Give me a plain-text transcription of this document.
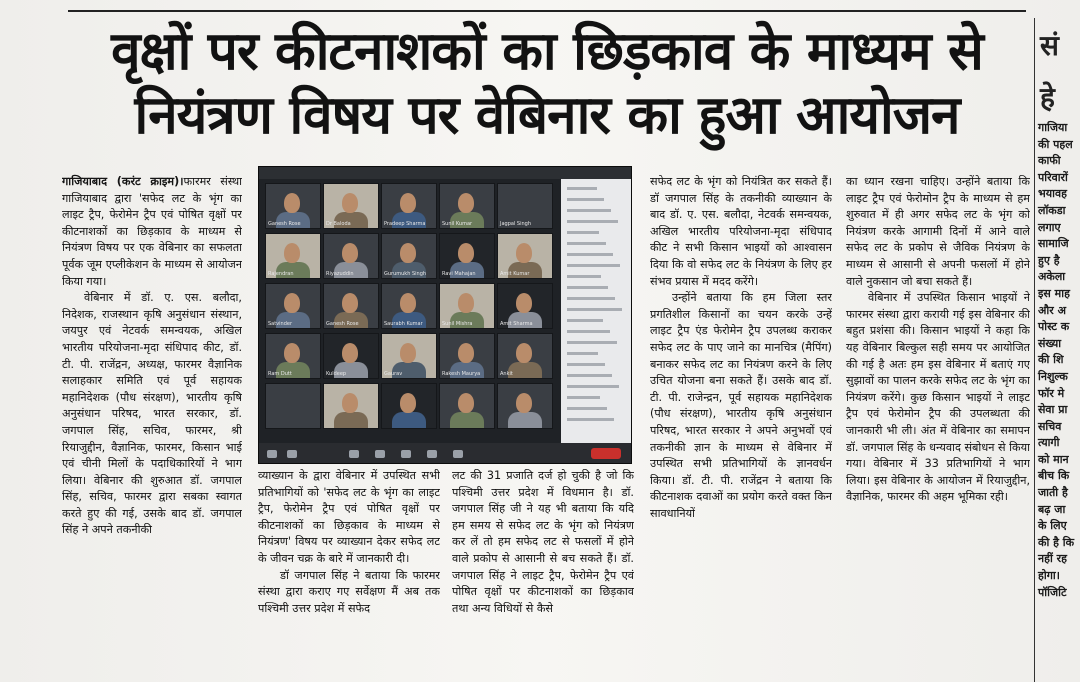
वृक्षों पर कीटनाशकों का छिड़काव के माध्यम से
नियंत्रण विषय पर वेबिनार का हुआ आयोजन

गाजियाबाद (करंट क्राइम)।फारमर संस्था गाजियाबाद द्वारा 'सफेद लट के भृंग का लाइट ट्रैप, फेरोमेन ट्रैप एवं पोषित वृक्षों पर कीटनाशकों का छिड़काव के माध्यम से नियंत्रण विषय पर एक वेबिनार का सफलता पूर्वक जूम एप्लीकेशन के माध्यम से आयोजन किया गया।

वेबिनार में डॉ. ए. एस. बलौदा, निदेशक, राजस्थान कृषि अनुसंधान संस्थान, जयपुर एवं नेटवर्क समन्वयक, अखिल भारतीय परियोजना-मृदा संधिपाद कीट, डॉ. टी. पी. राजेंद्रन, अध्यक्ष, फारमर वैज्ञानिक सलाहकार समिति एवं पूर्व सहायक महानिदेशक (पौध संरक्षण), भारतीय कृषि अनुसंधान परिषद, भारत सरकार, डॉ. जगपाल सिंह, सचिव, फारमर, श्री रियाजुद्दीन, वैज्ञानिक, फारमर, किसान भाई एवं चीनी मिलों के पदाधिकारियों ने भाग लिया। वेबिनार की शुरुआत डॉ. जगपाल सिंह, सचिव, फारमर द्वारा सबका स्वागत करते हुए की गई, उसके बाद डॉ. जगपाल सिंह ने अपने तकनीकी

Ganesh Rose	Dr Baloda	Pradeep Sharma	Sunil Kumar	Jagpal Singh
Rajendran	Riyazuddin	Gurumukh Singh	Ravi Mahajan	Amit Kumar
Satvinder	Ganesh Rose	Saurabh Kumar	Sunil Mishra	Amit Sharma
Ram Dutt	Kuldeep	Gaurav	Rakesh Maurya	Ankit

व्याख्यान के द्वारा वेबिनार में उपस्थित सभी प्रतिभागियों को 'सफेद लट के भृंग का लाइट ट्रैप, फेरोमेन ट्रैप एवं पोषित वृक्षों पर कीटनाशकों का छिड़काव के माध्यम से नियंत्रण' विषय पर व्याख्यान देकर सफेद लट के जीवन चक्र के बारे में जानकारी दी।

डॉ जगपाल सिंह ने बताया कि फारमर संस्था द्वारा कराए गए सर्वेक्षण मैं अब तक पश्चिमी उत्तर प्रदेश में सफेद

लट की 31 प्रजाति दर्ज हो चुकी है जो कि पश्चिमी उत्तर प्रदेश में विधमान है। डॉ. जगपाल सिंह जी ने यह भी बताया कि यदि हम समय से सफेद लट के भृंग को नियंत्रण कर लें तो हम सफेद लट से फसलों में होने वाले प्रकोप से आसानी से बच सकते हैं। डॉ. जगपाल सिंह ने लाइट ट्रैप, फेरोमेन ट्रैप एवं पोषित वृक्षों पर कीटनाशकों का छिड़काव तथा अन्य विधियों से कैसे

सफेद लट के भृंग को नियंत्रित कर सकते हैं। डॉ जगपाल सिंह के तकनीकी व्याख्यान के बाद डॉ. ए. एस. बलौदा, नेटवर्क समन्वयक, अखिल भारतीय परियोजना-मृदा संधिपाद कीट ने सभी किसान भाइयों को आश्वासन दिया कि वो सफेद लट के नियंत्रण के लिए हर संभव प्रयास में मदद करेंगे।

उन्होंने बताया कि हम जिला स्तर प्रगतिशील किसानों का चयन करके उन्हें लाइट ट्रैप एंड फेरोमेन ट्रैप उपलब्ध कराकर सफेद लट के पाए जाने का मानचित्र (मैपिंग) बनाकर सफेद लट का नियंत्रण करने के लिए उचित योजना बना सकते हैं। उसके बाद डॉ. टी. पी. राजेन्द्रन, पूर्व सहायक महानिदेशक (पौध संरक्षण), भारतीय कृषि अनुसंधान परिषद, भारत सरकार ने अपने अनुभवों एवं तकनीकी ज्ञान के माध्यम से वेबिनार में उपस्थित सभी प्रतिभागियों के ज्ञानवर्धन किया। डॉ. टी. पी. राजेंद्रन ने बताया कि कीटनाशक दवाओं का प्रयोग करते वक्त किन सावधानियों

का ध्यान रखना चाहिए। उन्होंने बताया कि लाइट ट्रैप एवं फेरोमोन ट्रैप के माध्यम से हम शुरुवात में ही अगर सफेद लट के भृंग को नियंत्रण करके आगामी दिनों में आने वाले सफेद लट के प्रकोप से जैविक नियंत्रण के माध्यम से आसानी से अपनी फसलों में होने वाले नुकसान जो बचा सकते हैं।

वेबिनार में उपस्थित किसान भाइयों ने फारमर संस्था द्वारा करायी गई इस वेबिनार की बहुत प्रशंसा की। किसान भाइयों ने कहा कि यह वेबिनार बिल्कुल सही समय पर आयोजित की गई है अतः हम इस वेबिनार में बताएं गए सुझावों का पालन करके सफेद लट के भृंग का नियंत्रण करेंगे। कुछ किसान भाइयों ने लाइट ट्रैप एवं फेरोमोन ट्रैप की उपलब्धता की जानकारी भी ली। अंत में वेबिनार का समापन डॉ. जगपाल सिंह के धन्यवाद संबोधन से किया गया। वेबिनार में 33 प्रतिभागियों ने भाग लिया। इस वेबिनार के आयोजन में रियाजुद्दीन, वैज्ञानिक, फारमर की अहम भूमिका रही।

सं
हे
गाजिया
की पहल
काफी
परिवारों
भयावह
लॉकडा
लगाए
सामाजि
हुए है
अकेला
इस माह
और अ
पोस्ट क
संख्या
की शि
निशुल्क
फॉर मे
सेवा प्रा
सचिव
त्यागी
को मान
बीच कि
जाती है
बढ़ जा
के लिए
की है कि
नहीं रह
होगा।
पॉजिटि
